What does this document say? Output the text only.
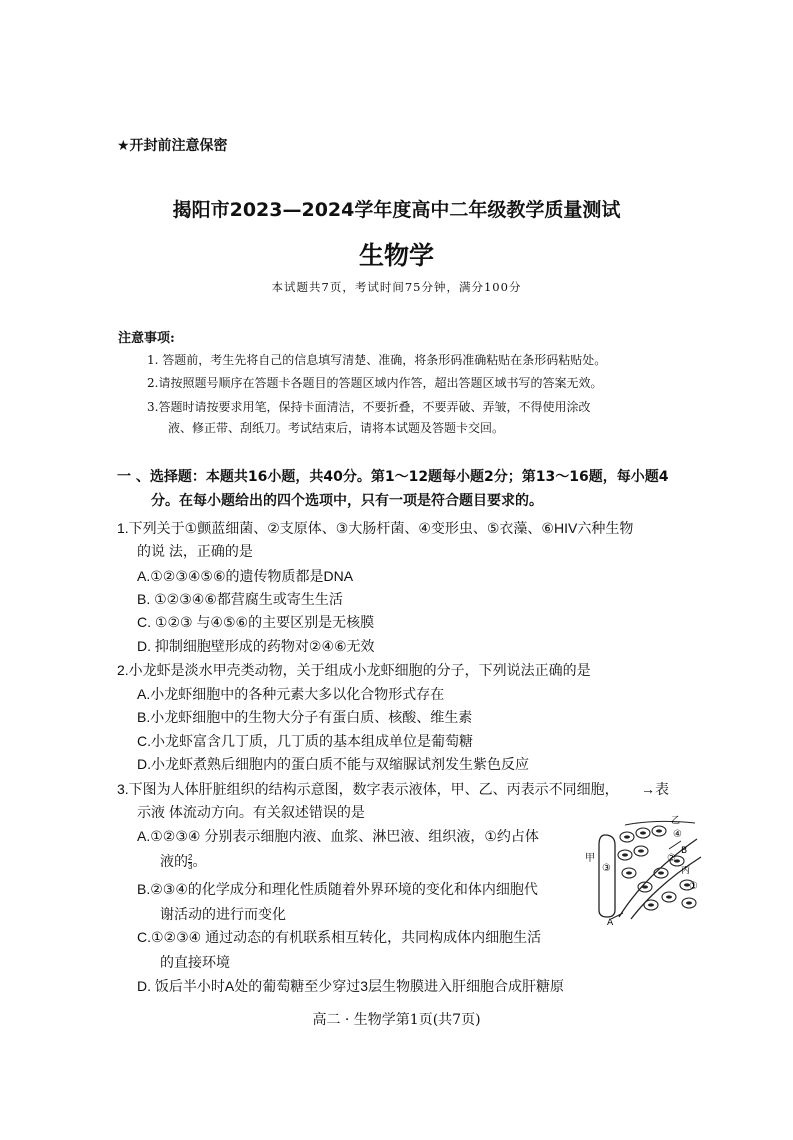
★开封前注意保密
揭阳市2023—2024学年度高中二年级教学质量测试
生物学
本试题共7页，考试时间75分钟，满分100分
注意事项:
1. 答题前，考生先将自己的信息填写清楚、准确，将条形码准确粘贴在条形码粘贴处。
2.请按照题号顺序在答题卡各题目的答题区域内作答，超出答题区域书写的答案无效。
3.答题时请按要求用笔，保持卡面清洁，不要折叠，不要弄破、弄皱，不得使用涂改
液、修正带、刮纸刀。考试结束后，请将本试题及答题卡交回。
一 、选择题：本题共16小题，共40分。第1～12题每小题2分；第13～16题，每小题4
分。在每小题给出的四个选项中，只有一项是符合题目要求的。
1.下列关于①颤蓝细菌、②支原体、③大肠杆菌、④变形虫、⑤衣藻、⑥HIV六种生物
的说 法，正确的是
A.①②③④⑤⑥的遗传物质都是DNA
B. ①②③④⑥都营腐生或寄生生活
C. ①②③ 与④⑤⑥的主要区别是无核膜
D. 抑制细胞壁形成的药物对②④⑥无效
2.小龙虾是淡水甲壳类动物，关于组成小龙虾细胞的分子，下列说法正确的是
A.小龙虾细胞中的各种元素大多以化合物形式存在
B.小龙虾细胞中的生物大分子有蛋白质、核酸、维生素
C.小龙虾富含几丁质，几丁质的基本组成单位是葡萄糖
D.小龙虾煮熟后细胞内的蛋白质不能与双缩脲试剂发生紫色反应
3.下图为人体肝脏组织的结构示意图，数字表示液体，甲、乙、丙表示不同细胞， →表
示液 体流动方向。有关叙述错误的是
A.①②③④ 分别表示细胞内液、血浆、淋巴液、组织液，①约占体
液的 $\frac{2}{3}$ 。
B.②③④的化学成分和理化性质随着外界环境的变化和体内细胞代
谢活动的进行而变化
C.①②③④ 通过动态的有机联系相互转化，共同构成体内细胞生活
的直接环境
D. 饭后半小时A处的葡萄糖至少穿过3层生物膜进入肝细胞合成肝糖原
甲
③
乙
④
B
②
丙
①
A
高二 · 生物学第1页(共7页)
